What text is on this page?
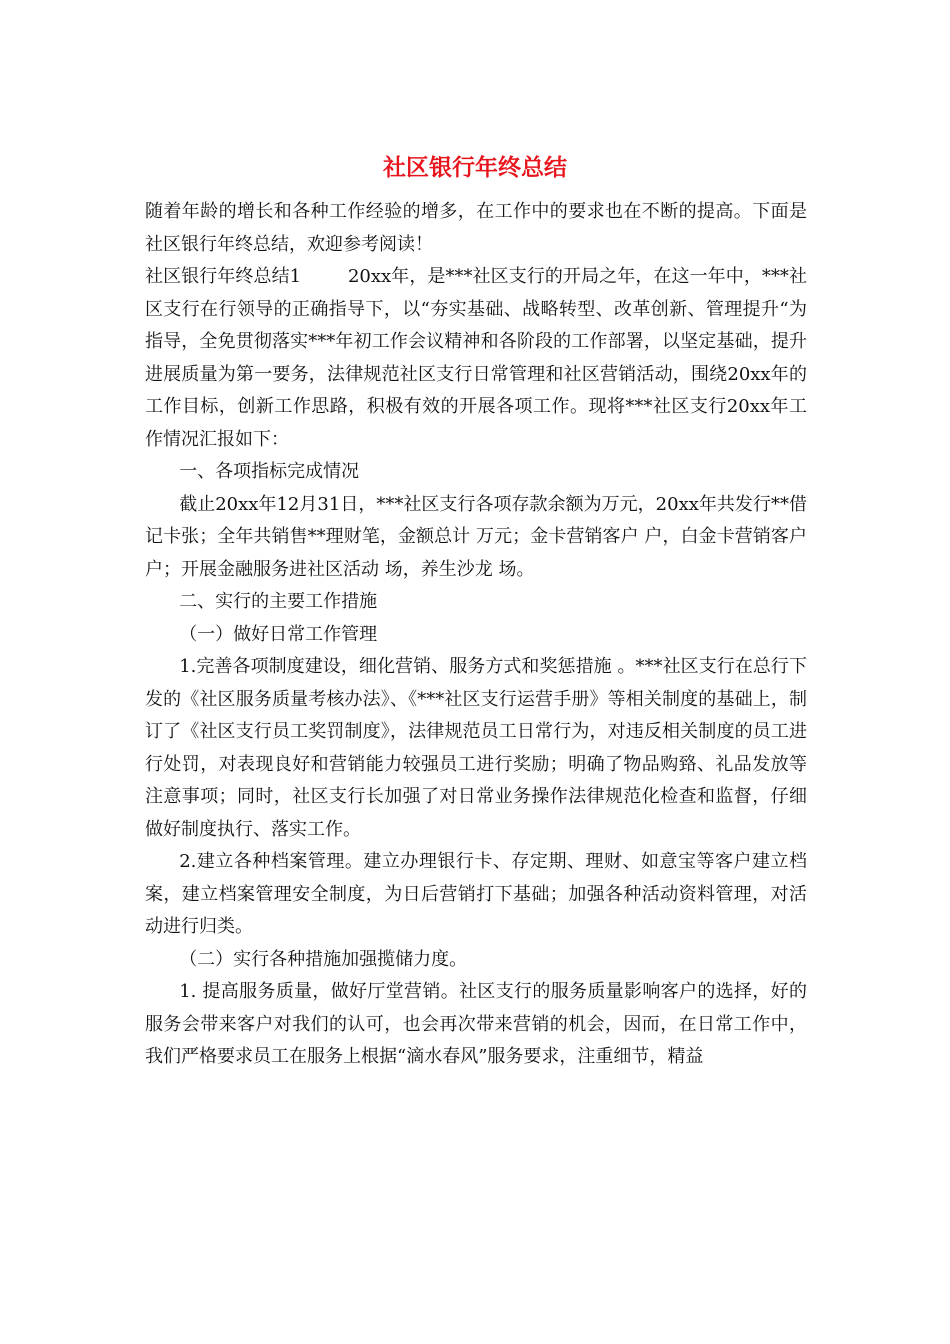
社区银行年终总结

随着年龄的增长和各种工作经验的增多，在工作中的要求也在不断的提高。下面是社区银行年终总结，欢迎参考阅读！

社区银行年终总结1	20xx年，是***社区支行的开局之年，在这一年中，***社区支行在行领导的正确指导下，以“夯实基础、战略转型、改革创新、管理提升“为指导，全免贯彻落实***年初工作会议精神和各阶段的工作部署，以坚定基础，提升进展质量为第一要务，法律规范社区支行日常管理和社区营销活动，围绕20xx年的工作目标，创新工作思路，积极有效的开展各项工作。现将***社区支行20xx年工作情况汇报如下：

一、各项指标完成情况

截止20xx年12月31日，***社区支行各项存款余额为万元，20xx年共发行**借记卡张；全年共销售**理财笔，金额总计 万元；金卡营销客户 户，白金卡营销客户 户；开展金融服务进社区活动 场，养生沙龙 场。

二、实行的主要工作措施

（一）做好日常工作管理

1.完善各项制度建设，细化营销、服务方式和奖惩措施 。***社区支行在总行下发的《社区服务质量考核办法》、《***社区支行运营手册》等相关制度的基础上，制订了《社区支行员工奖罚制度》，法律规范员工日常行为，对违反相关制度的员工进行处罚，对表现良好和营销能力较强员工进行奖励；明确了物品购臵、礼品发放等注意事项；同时，社区支行长加强了对日常业务操作法律规范化检查和监督，仔细做好制度执行、落实工作。

2.建立各种档案管理。建立办理银行卡、存定期、理财、如意宝等客户建立档案，建立档案管理安全制度，为日后营销打下基础；加强各种活动资料管理，对活动进行归类。

（二）实行各种措施加强揽储力度。

1. 提高服务质量，做好厅堂营销。社区支行的服务质量影响客户的选择，好的服务会带来客户对我们的认可，也会再次带来营销的机会，因而，在日常工作中，我们严格要求员工在服务上根据“滴水春风”服务要求，注重细节，精益
